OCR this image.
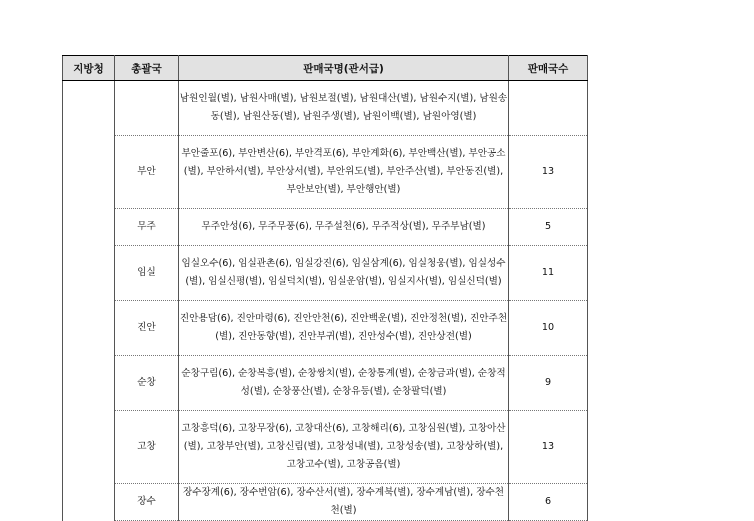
지방청	총괄국	판매국명(관서급)	판매국수
		남원인월(별), 남원사매(별), 남원보절(별), 남원대산(별), 남원수지(별), 남원송동(별), 남원산동(별), 남원주생(별), 남원이백(별), 남원아영(별)	
	부안	부안줄포(6), 부안변산(6), 부안격포(6), 부안계화(6), 부안백산(별), 부안공소(별), 부안하서(별), 부안상서(별), 부안위도(별), 부안주산(별), 부안동진(별), 부안보안(별), 부안행안(별)	13
	무주	무주안성(6), 무주무풍(6), 무주설천(6), 무주적상(별), 무주부남(별)	5
	임실	임실오수(6), 임실관촌(6), 임실강진(6), 임실삼계(6), 임실청웅(별), 임실성수(별), 임실신평(별), 임실덕치(별), 임실운암(별), 임실지사(별), 임실신덕(별)	11
	진안	진안용담(6), 진안마령(6), 진안안천(6), 진안백운(별), 진안정천(별), 진안주천(별), 진안동향(별), 진안부귀(별), 진안성수(별), 진안상전(별)	10
	순창	순창구림(6), 순창복흥(별), 순창쌍치(별), 순창통계(별), 순창금과(별), 순창적성(별), 순창풍산(별), 순창유등(별), 순창팔덕(별)	9
	고창	고창흥덕(6), 고창무장(6), 고창대산(6), 고창해리(6), 고창심원(별), 고창아산(별), 고창부안(별), 고창신림(별), 고창성내(별), 고창성송(별), 고창상하(별), 고창고수(별), 고창공음(별)	13
	장수	장수장계(6), 장수번암(6), 장수산서(별), 장수계북(별), 장수계남(별), 장수천천(별)	6
